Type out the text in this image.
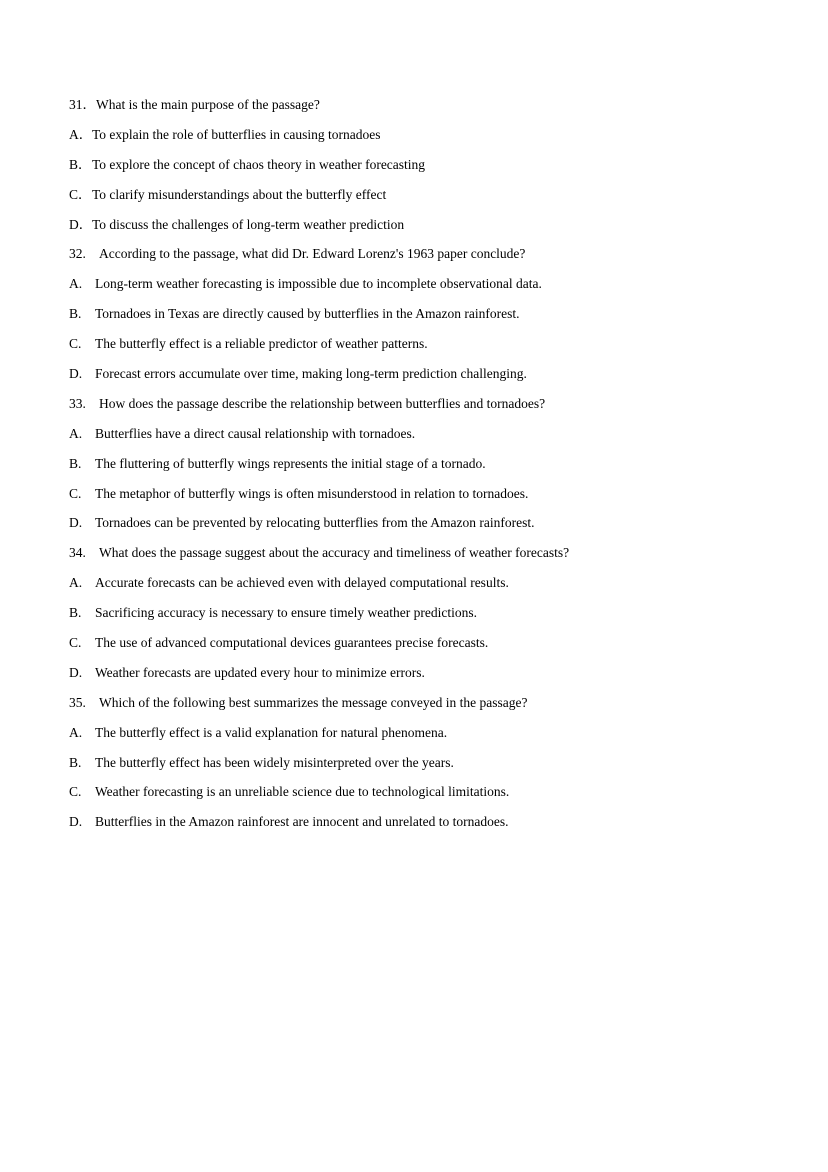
31．What is the main purpose of the passage?
A．To explain the role of butterflies in causing tornadoes
B．To explore the concept of chaos theory in weather forecasting
C．To clarify misunderstandings about the butterfly effect
D．To discuss the challenges of long-term weather prediction
32. According to the passage, what did Dr. Edward Lorenz's 1963 paper conclude?
A. Long-term weather forecasting is impossible due to incomplete observational data.
B. Tornadoes in Texas are directly caused by butterflies in the Amazon rainforest.
C. The butterfly effect is a reliable predictor of weather patterns.
D. Forecast errors accumulate over time, making long-term prediction challenging.
33. How does the passage describe the relationship between butterflies and tornadoes?
A. Butterflies have a direct causal relationship with tornadoes.
B. The fluttering of butterfly wings represents the initial stage of a tornado.
C. The metaphor of butterfly wings is often misunderstood in relation to tornadoes.
D. Tornadoes can be prevented by relocating butterflies from the Amazon rainforest.
34. What does the passage suggest about the accuracy and timeliness of weather forecasts?
A. Accurate forecasts can be achieved even with delayed computational results.
B. Sacrificing accuracy is necessary to ensure timely weather predictions.
C. The use of advanced computational devices guarantees precise forecasts.
D. Weather forecasts are updated every hour to minimize errors.
35. Which of the following best summarizes the message conveyed in the passage?
A. The butterfly effect is a valid explanation for natural phenomena.
B. The butterfly effect has been widely misinterpreted over the years.
C. Weather forecasting is an unreliable science due to technological limitations.
D. Butterflies in the Amazon rainforest are innocent and unrelated to tornadoes.
